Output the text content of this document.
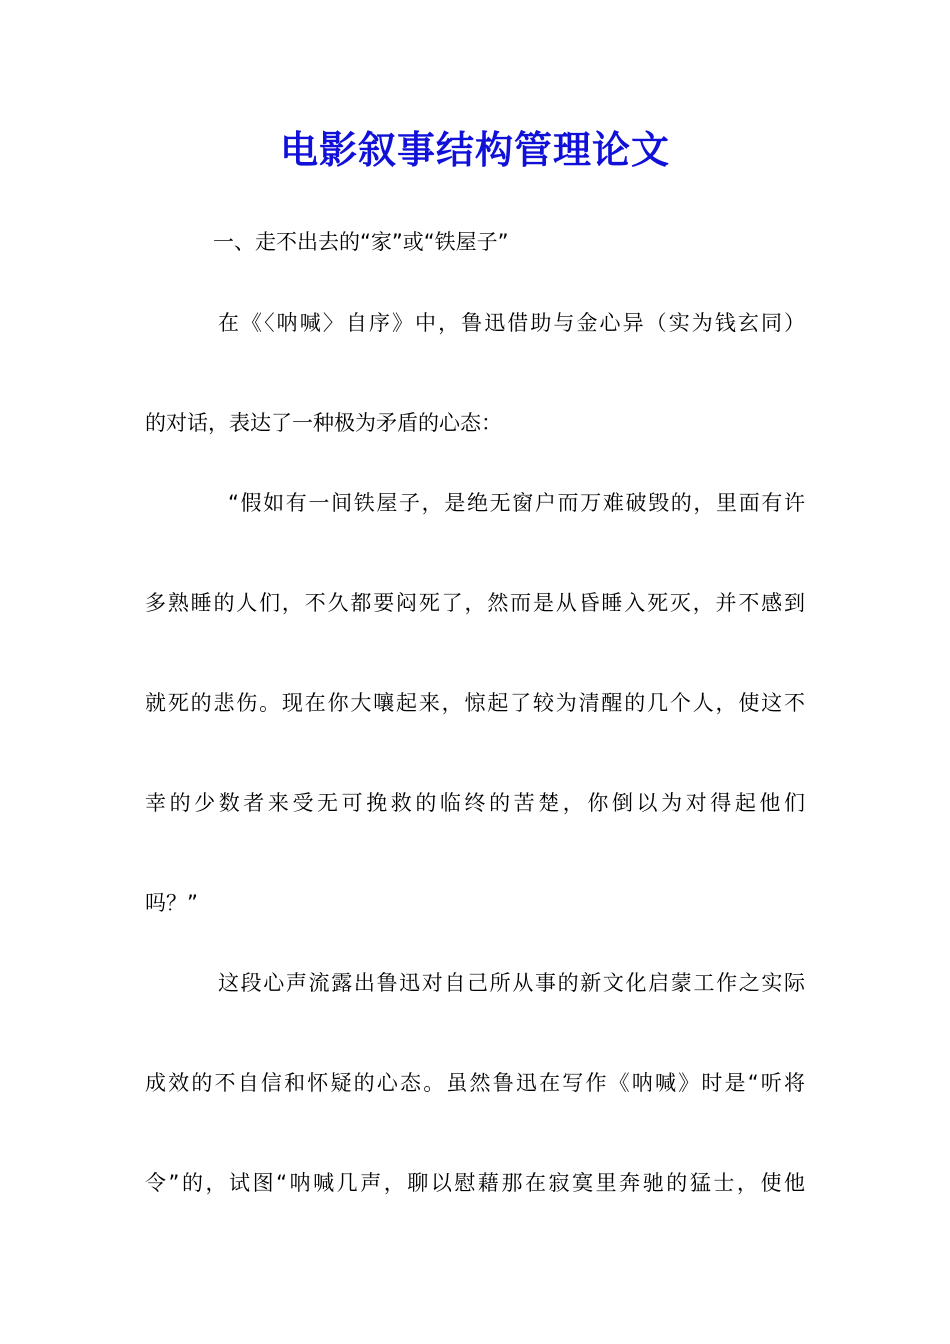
电影叙事结构管理论文
一、走不出去的“家”或“铁屋子”
在《〈呐喊〉自序》中，鲁迅借助与金心异（实为钱玄同）
的对话，表达了一种极为矛盾的心态：
“假如有一间铁屋子，是绝无窗户而万难破毁的，里面有许
多熟睡的人们，不久都要闷死了，然而是从昏睡入死灭，并不感到
就死的悲伤。现在你大嚷起来，惊起了较为清醒的几个人，使这不
幸的少数者来受无可挽救的临终的苦楚，你倒以为对得起他们
吗？”
这段心声流露出鲁迅对自己所从事的新文化启蒙工作之实际
成效的不自信和怀疑的心态。虽然鲁迅在写作《呐喊》时是“听将
令”的，试图“呐喊几声，聊以慰藉那在寂寞里奔驰的猛士，使他
